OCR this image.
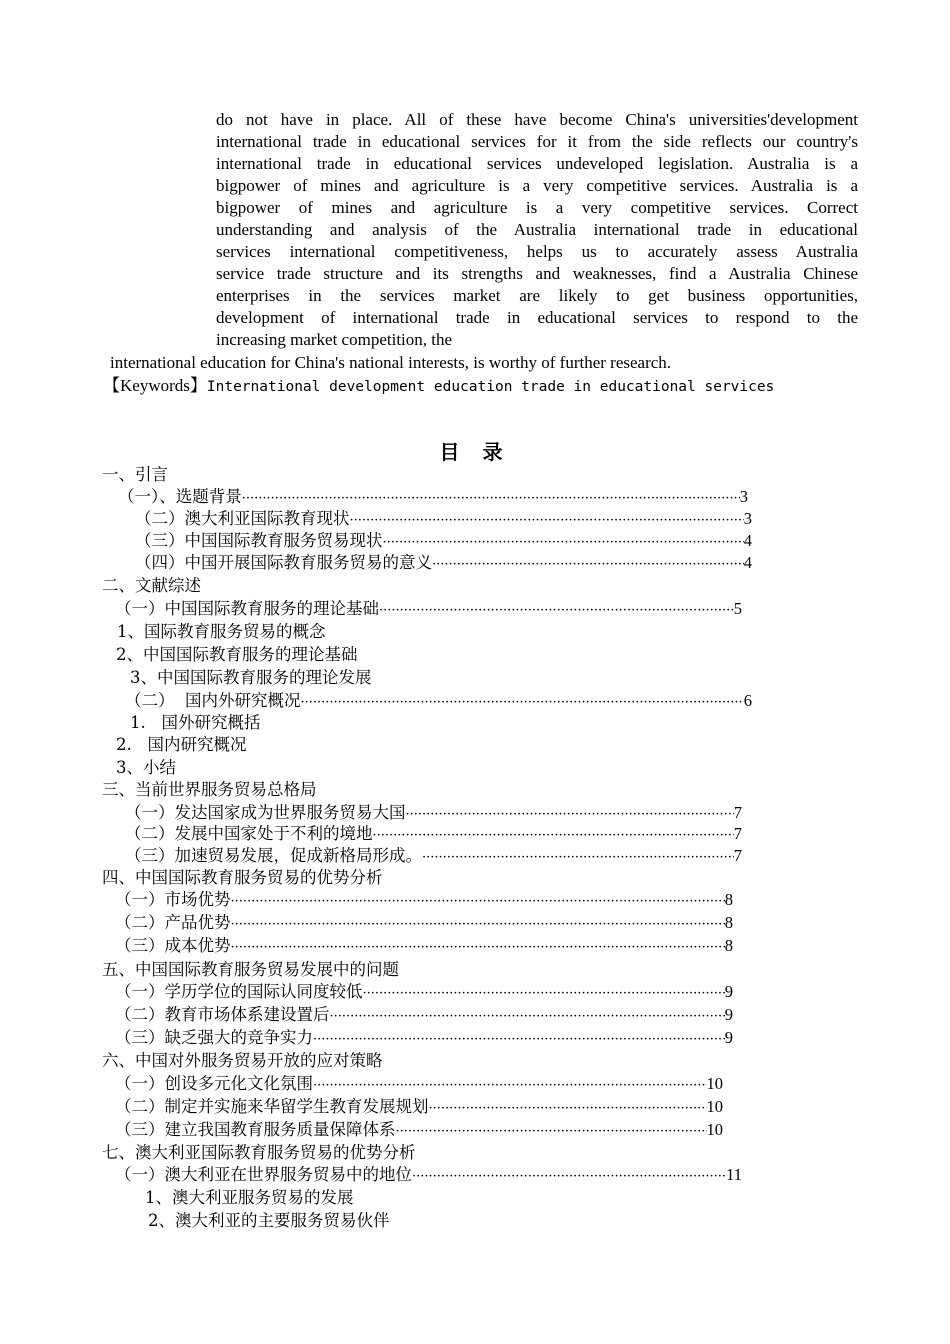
do not have in place. All of these have become China's universities'development
international trade in educational services for it from the side reflects our country's
international trade in educational services undeveloped legislation. Australia is a
bigpower of mines and agriculture is a very competitive services. Australia is a
bigpower of mines and agriculture is a very competitive services. Correct
understanding and analysis of the Australia international trade in educational
services international competitiveness, helps us to accurately assess Australia
service trade structure and its strengths and weaknesses, find a Australia Chinese
enterprises in the services market are likely to get business opportunities,
development of international trade in educational services to respond to the
increasing market competition, the
international education for China's national interests, is worthy of further research.
【Keywords】International development education trade in educational services
目 录
一、引言
（一）、选题背景 ·····	3
（二）澳大利亚国际教育现状 ·····	3
（三）中国国际教育服务贸易现状 ·····	4
（四）中国开展国际教育服务贸易的意义 ·····	4
二、文献综述
（一）中国国际教育服务的理论基础 ·····	5
1、国际教育服务贸易的概念
2、中国国际教育服务的理论基础
3、中国国际教育服务的理论发展
（二）  国内外研究概况 ·····	6
1.   国外研究概括
2.   国内研究概况
3、小结
三、当前世界服务贸易总格局
（一）发达国家成为世界服务贸易大国 ·····	7
（二）发展中国家处于不利的境地 ·····	7
（三）加速贸易发展，促成新格局形成。 ·····	7
四、中国国际教育服务贸易的优势分析
（一）市场优势 ·····	8
（二）产品优势 ·····	8
（三）成本优势 ·····	8
五、中国国际教育服务贸易发展中的问题
（一）学历学位的国际认同度较低 ·····	9
（二）教育市场体系建设置后 ·····	9
（三）缺乏强大的竞争实力 ·····	9
六、中国对外服务贸易开放的应对策略
（一）创设多元化文化氛围 ·····	10
（二）制定并实施来华留学生教育发展规划 ·····	10
（三）建立我国教育服务质量保障体系 ·····	10
七、澳大利亚国际教育服务贸易的优势分析
（一）澳大利亚在世界服务贸易中的地位 ·····	11
1、澳大利亚服务贸易的发展
2、澳大利亚的主要服务贸易伙伴
